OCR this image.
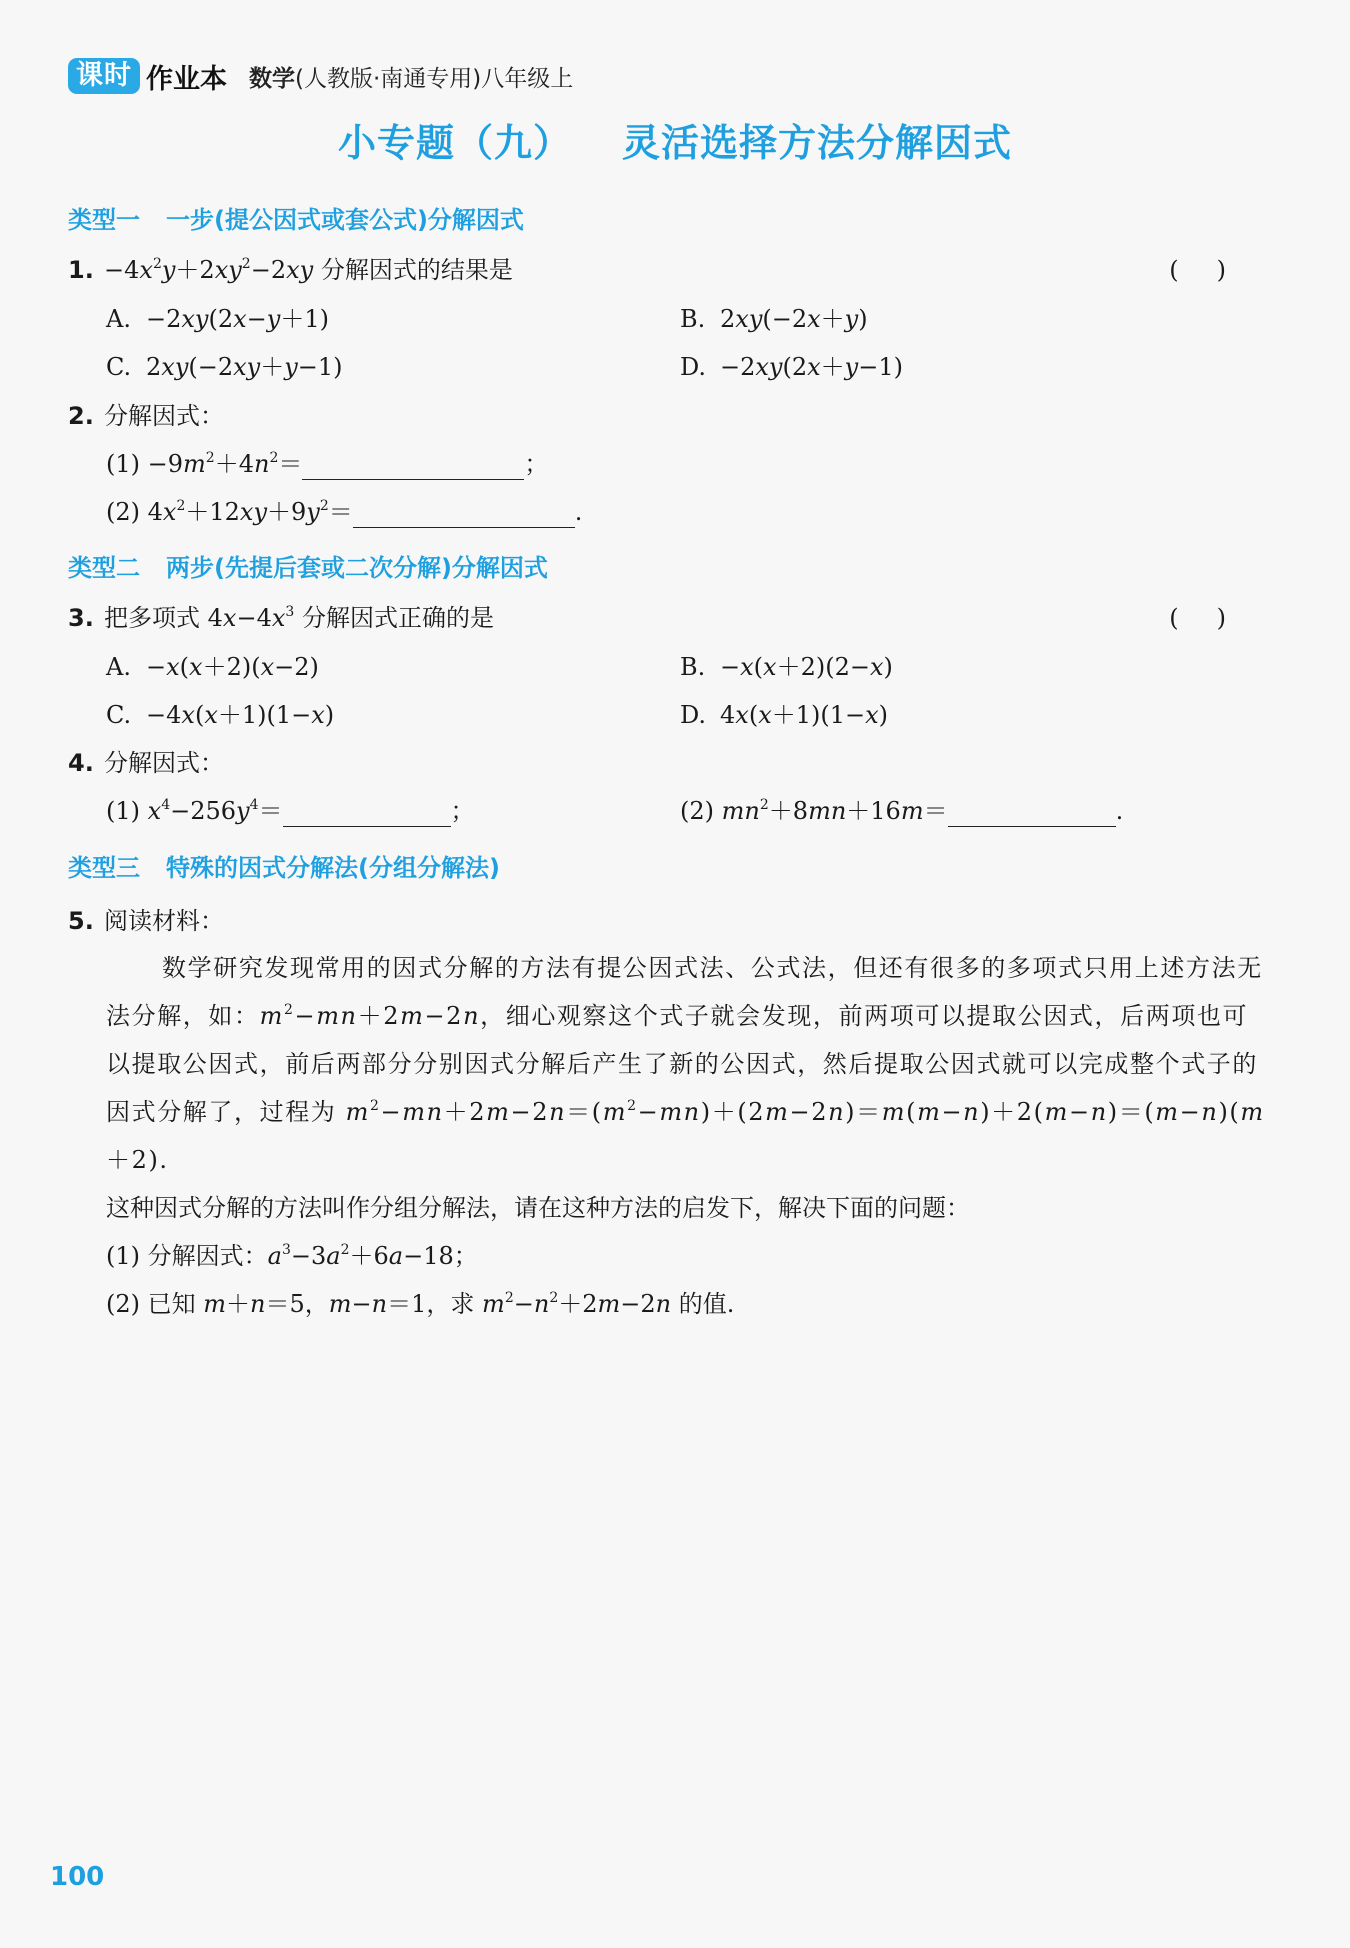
课时 作业本 数学(人教版·南通专用)八年级上
小专题（九） 灵活选择方法分解因式
类型一 一步(提公因式或套公式)分解因式
1. $-4x^2y+2xy^2-2xy$ 分解因式的结果是	()
A. −2xy(2x−y＋1)	B. 2xy(−2x＋y)
C. 2xy(−2xy＋y−1)	D. −2xy(2x＋y−1)
2. 分解因式：
$(1) -9m^2+4n^2=$	；
(2) $4x^2+12xy+9y^2=$	.
类型二 两步(先提后套或二次分解)分解因式
3. 把多项式 $4x-4x^3$ 分解因式正确的是	()
A. −x(x＋2)(x−2)	B. −x(x＋2)(2−x)
C. −4x(x＋1)(1−x)	D. 4x(x＋1)(1−x)
4. 分解因式：
(1) $x^4-256y^4=$	；	(2) $mn^2+8mn+16m=$	.
类型三 特殊的因式分解法(分组分解法)
5. 阅读材料：
数学研究发现常用的因式分解的方法有提公因式法、公式法，但还有很多的多项式只用上述方法无法分解，如：$m^2-mn+2m-2n$，细心观察这个式子就会发现，前两项可以提取公因式，后两项也可以提取公因式，前后两部分分别因式分解后产生了新的公因式，然后提取公因式就可以完成整个式子的因式分解了，过程为 $m^2-mn+2m-2n=(m^2-mn)+(2m-2n)=m(m-n)+2(m-n)=(m-n)(m+2)$.
这种因式分解的方法叫作分组分解法，请在这种方法的启发下，解决下面的问题：
(1) 分解因式：$a^3-3a^2+6a-18$；
(2) 已知 m＋n＝5，m−n＝1，求 $m^2-n^2+2m-2n$ 的值.
100
